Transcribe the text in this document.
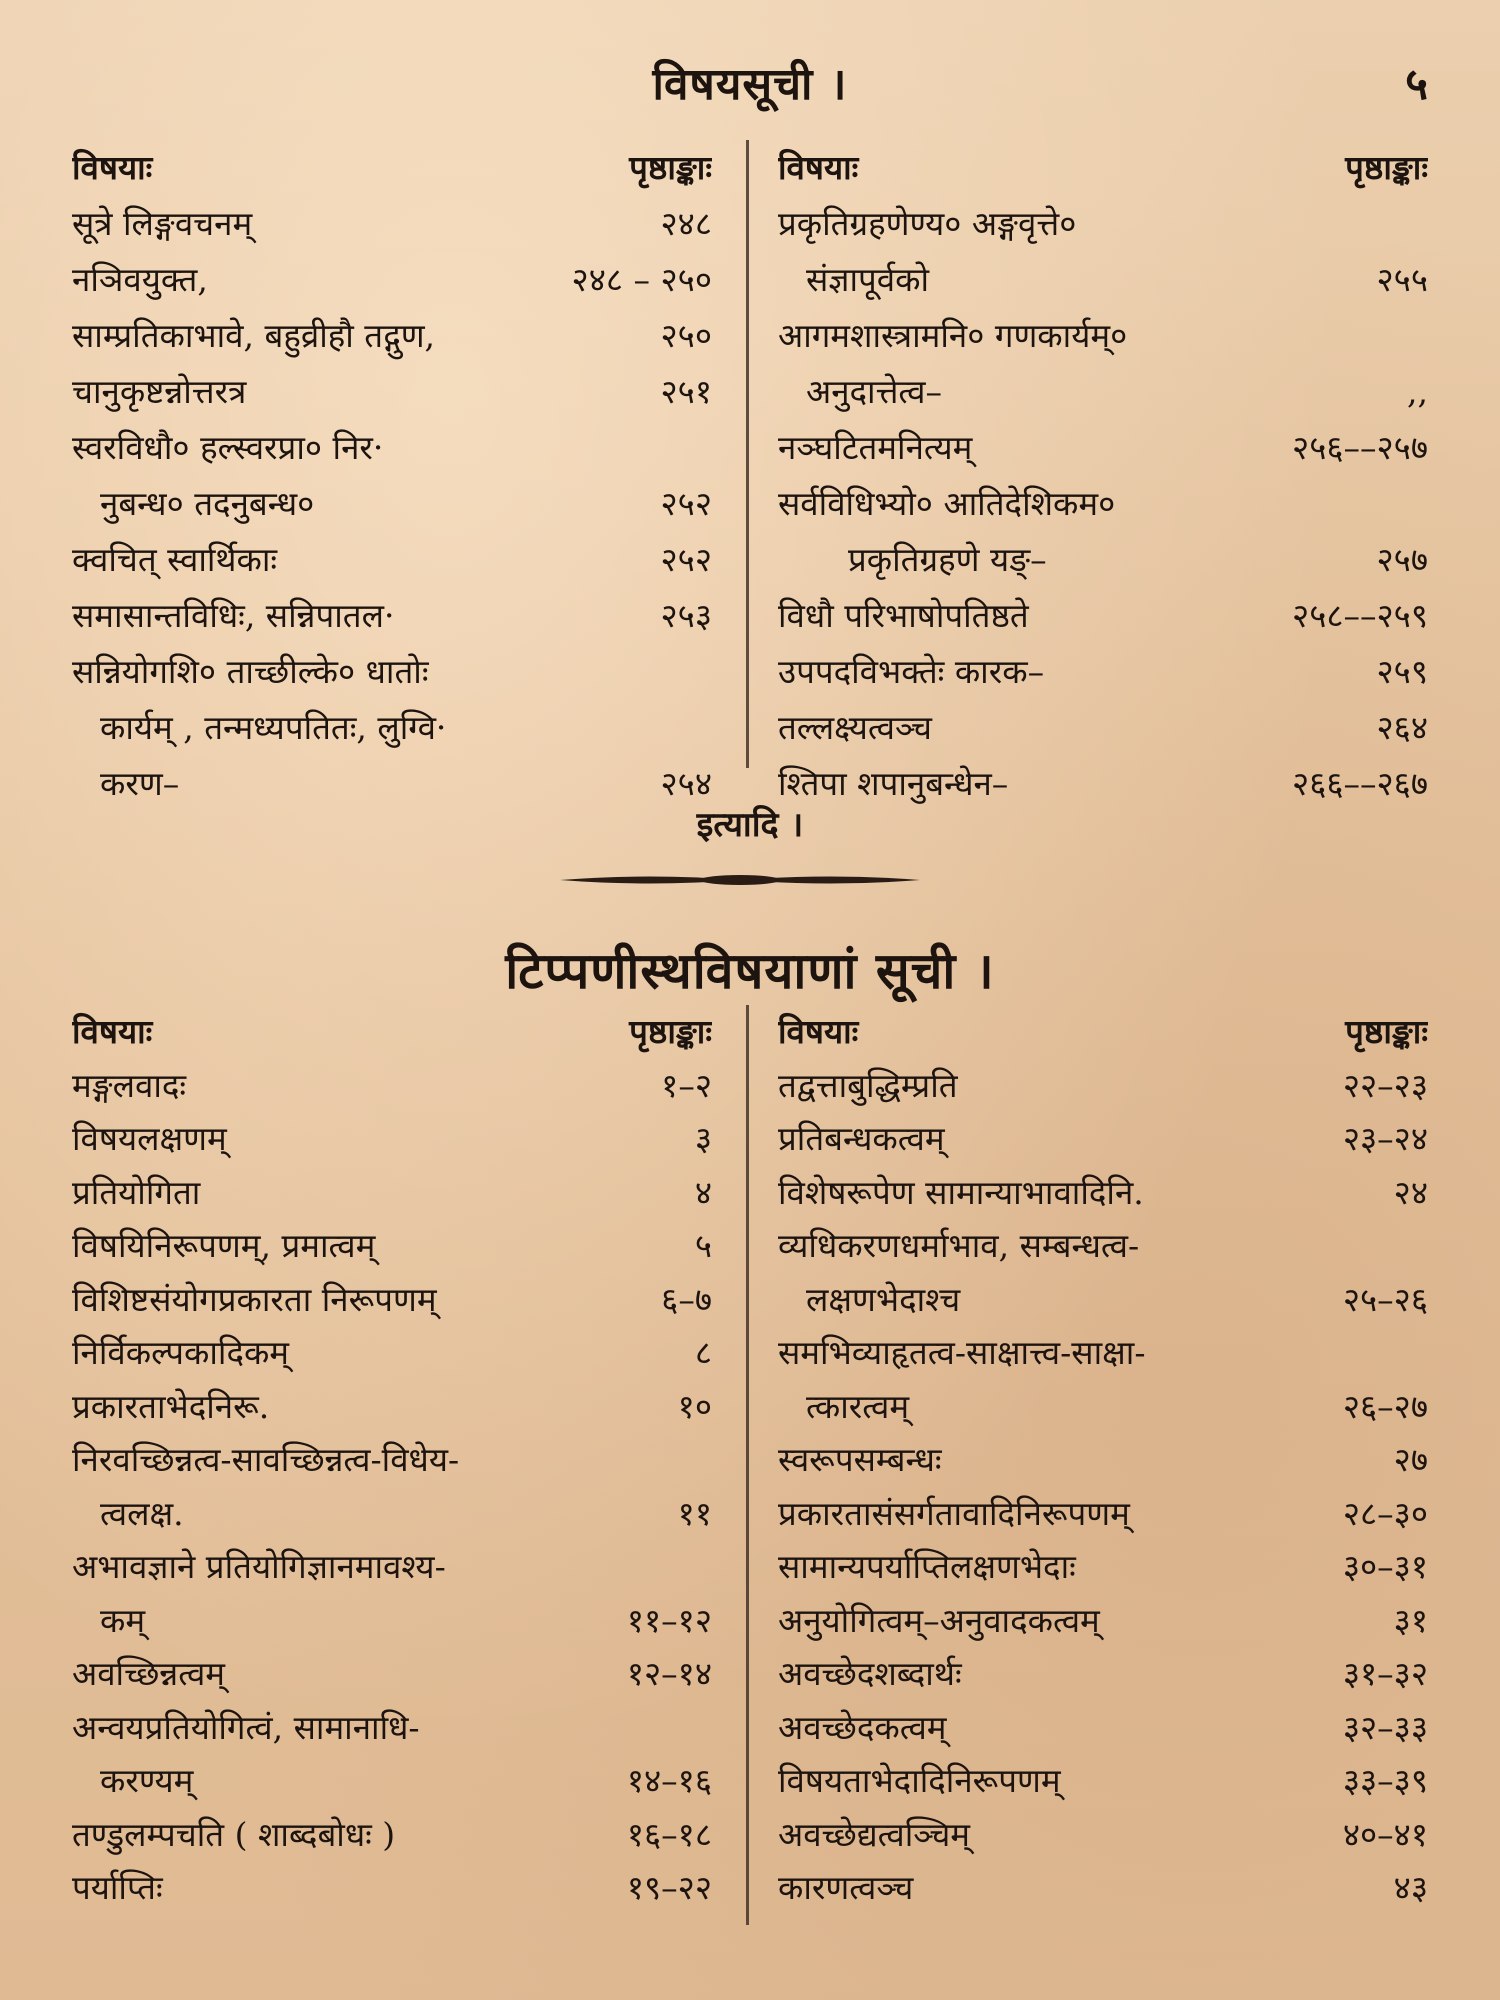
विषयसूची ।	५
विषयाः	पृष्ठाङ्काः
सूत्रे लिङ्गवचनम्	२४८
नञिवयुक्त,	२४८ – २५०
साम्प्रतिकाभावे, बहुव्रीहौ तद्गुण,	२५०
चानुकृष्टन्नोत्तरत्र	२५१
स्वरविधौ० हल्स्वरप्रा० निर·
नुबन्ध० तदनुबन्ध०	२५२
क्वचित् स्वार्थिकाः	२५२
समासान्तविधिः, सन्निपातल·	२५३
सन्नियोगशि० ताच्छील्के० धातोः
कार्यम् , तन्मध्यपतितः, लुग्वि·
करण–	२५४
विषयाः	पृष्ठाङ्काः
प्रकृतिग्रहणेण्य० अङ्गवृत्ते०
संज्ञापूर्वको	२५५
आगमशास्त्रामनि० गणकार्यम्०
अनुदात्तेत्व–	,,
नञ्घटितमनित्यम्	२५६––२५७
सर्वविधिभ्यो० आतिदेशिकम०
प्रकृतिग्रहणे यङ्–	२५७
विधौ परिभाषोपतिष्ठते	२५८––२५९
उपपदविभक्तेः कारक–	२५९
तल्लक्ष्यत्वञ्च	२६४
श्तिपा शपानुबन्धेन–	२६६––२६७
इत्यादि ।
टिप्पणीस्थविषयाणां सूची ।
विषयाः	पृष्ठाङ्काः
मङ्गलवादः	१–२
विषयलक्षणम्	३
प्रतियोगिता	४
विषयिनिरूपणम्, प्रमात्वम्	५
विशिष्टसंयोगप्रकारता निरूपणम्	६–७
निर्विकल्पकादिकम्	८
प्रकारताभेदनिरू.	१०
निरवच्छिन्नत्व-सावच्छिन्नत्व-विधेय-
त्वलक्ष.	११
अभावज्ञाने प्रतियोगिज्ञानमावश्य-
कम्	११–१२
अवच्छिन्नत्वम्	१२–१४
अन्वयप्रतियोगित्वं, सामानाधि-
करण्यम्	१४–१६
तण्डुलम्पचति ( शाब्दबोधः )	१६–१८
पर्याप्तिः	१९–२२
विषयाः	पृष्ठाङ्काः
तद्वत्ताबुद्धिम्प्रति	२२–२३
प्रतिबन्धकत्वम्	२३–२४
विशेषरूपेण सामान्याभावादिनि.	२४
व्यधिकरणधर्माभाव, सम्बन्धत्व-
लक्षणभेदाश्च	२५–२६
समभिव्याहृतत्व-साक्षात्त्व-साक्षा-
त्कारत्वम्	२६–२७
स्वरूपसम्बन्धः	२७
प्रकारतासंसर्गतावादिनिरूपणम्	२८–३०
सामान्यपर्याप्तिलक्षणभेदाः	३०–३१
अनुयोगित्वम्–अनुवादकत्वम्	३१
अवच्छेदशब्दार्थः	३१–३२
अवच्छेदकत्वम्	३२–३३
विषयताभेदादिनिरूपणम्	३३–३९
अवच्छेद्यत्वञ्चिम्	४०–४१
कारणत्वञ्च	४३
